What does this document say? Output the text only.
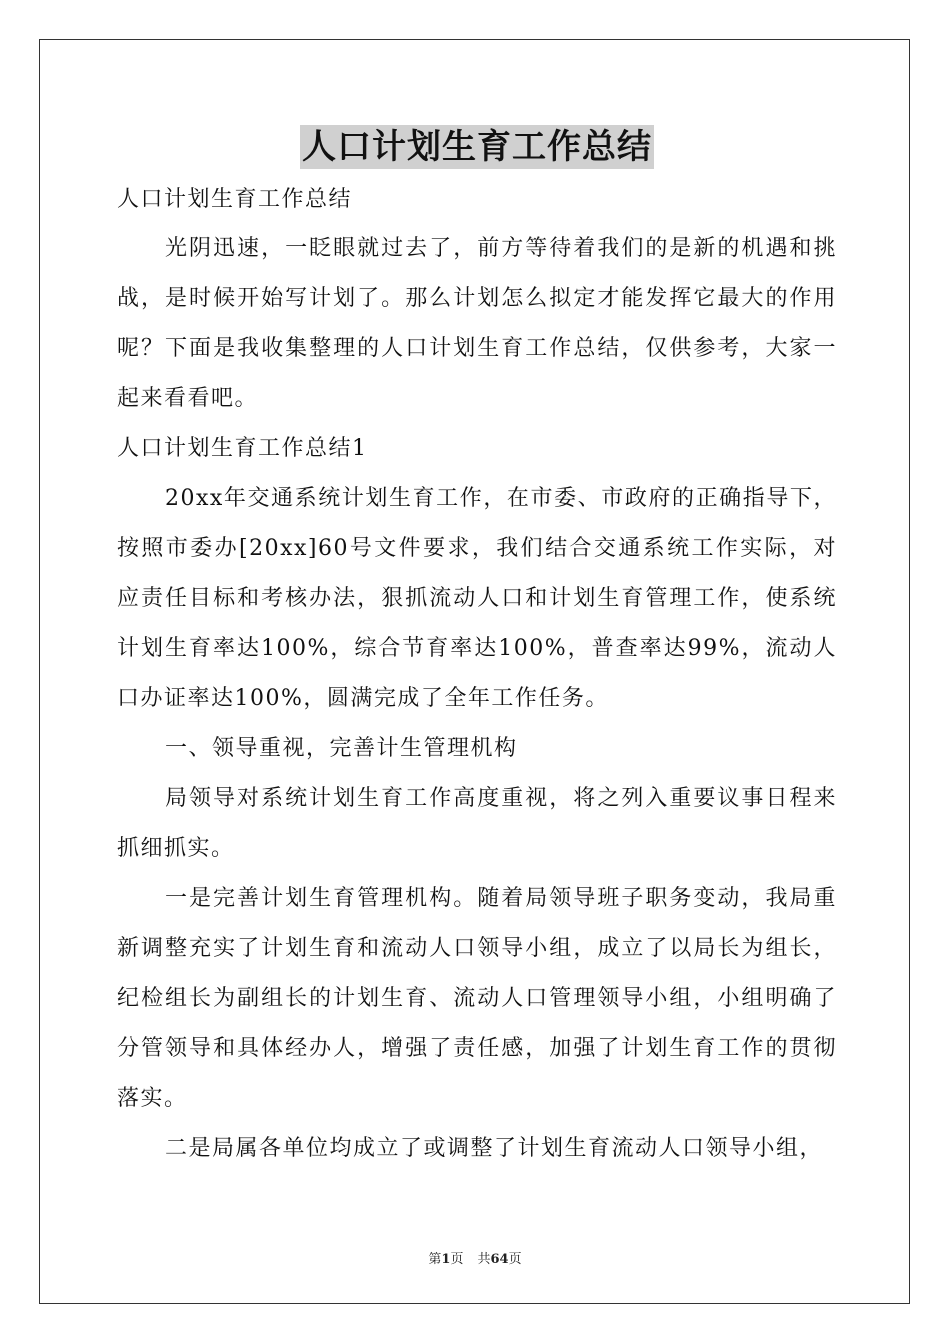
人口计划生育工作总结

人口计划生育工作总结

光阴迅速，一眨眼就过去了，前方等待着我们的是新的机遇和挑战，是时候开始写计划了。那么计划怎么拟定才能发挥它最大的作用呢？下面是我收集整理的人口计划生育工作总结，仅供参考，大家一起来看看吧。

人口计划生育工作总结1

20xx年交通系统计划生育工作，在市委、市政府的正确指导下，按照市委办[20xx]60号文件要求，我们结合交通系统工作实际，对应责任目标和考核办法，狠抓流动人口和计划生育管理工作，使系统计划生育率达100%，综合节育率达100%，普查率达99%，流动人口办证率达100%，圆满完成了全年工作任务。

一、领导重视，完善计生管理机构

局领导对系统计划生育工作高度重视，将之列入重要议事日程来抓细抓实。

一是完善计划生育管理机构。随着局领导班子职务变动，我局重新调整充实了计划生育和流动人口领导小组，成立了以局长为组长，纪检组长为副组长的计划生育、流动人口管理领导小组，小组明确了分管领导和具体经办人，增强了责任感，加强了计划生育工作的贯彻落实。

二是局属各单位均成立了或调整了计划生育流动人口领导小组，

第1页 共64页
